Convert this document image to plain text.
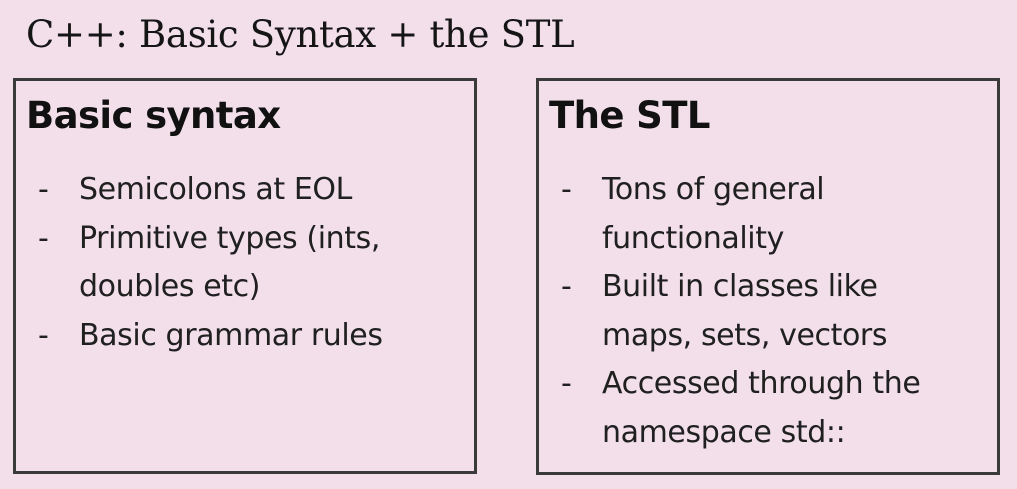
C++: Basic Syntax + the STL
Basic syntax
- Semicolons at EOL
- Primitive types (ints,
doubles etc)
- Basic grammar rules
The STL
- Tons of general
functionality
- Built in classes like
maps, sets, vectors
- Accessed through the
namespace std::
